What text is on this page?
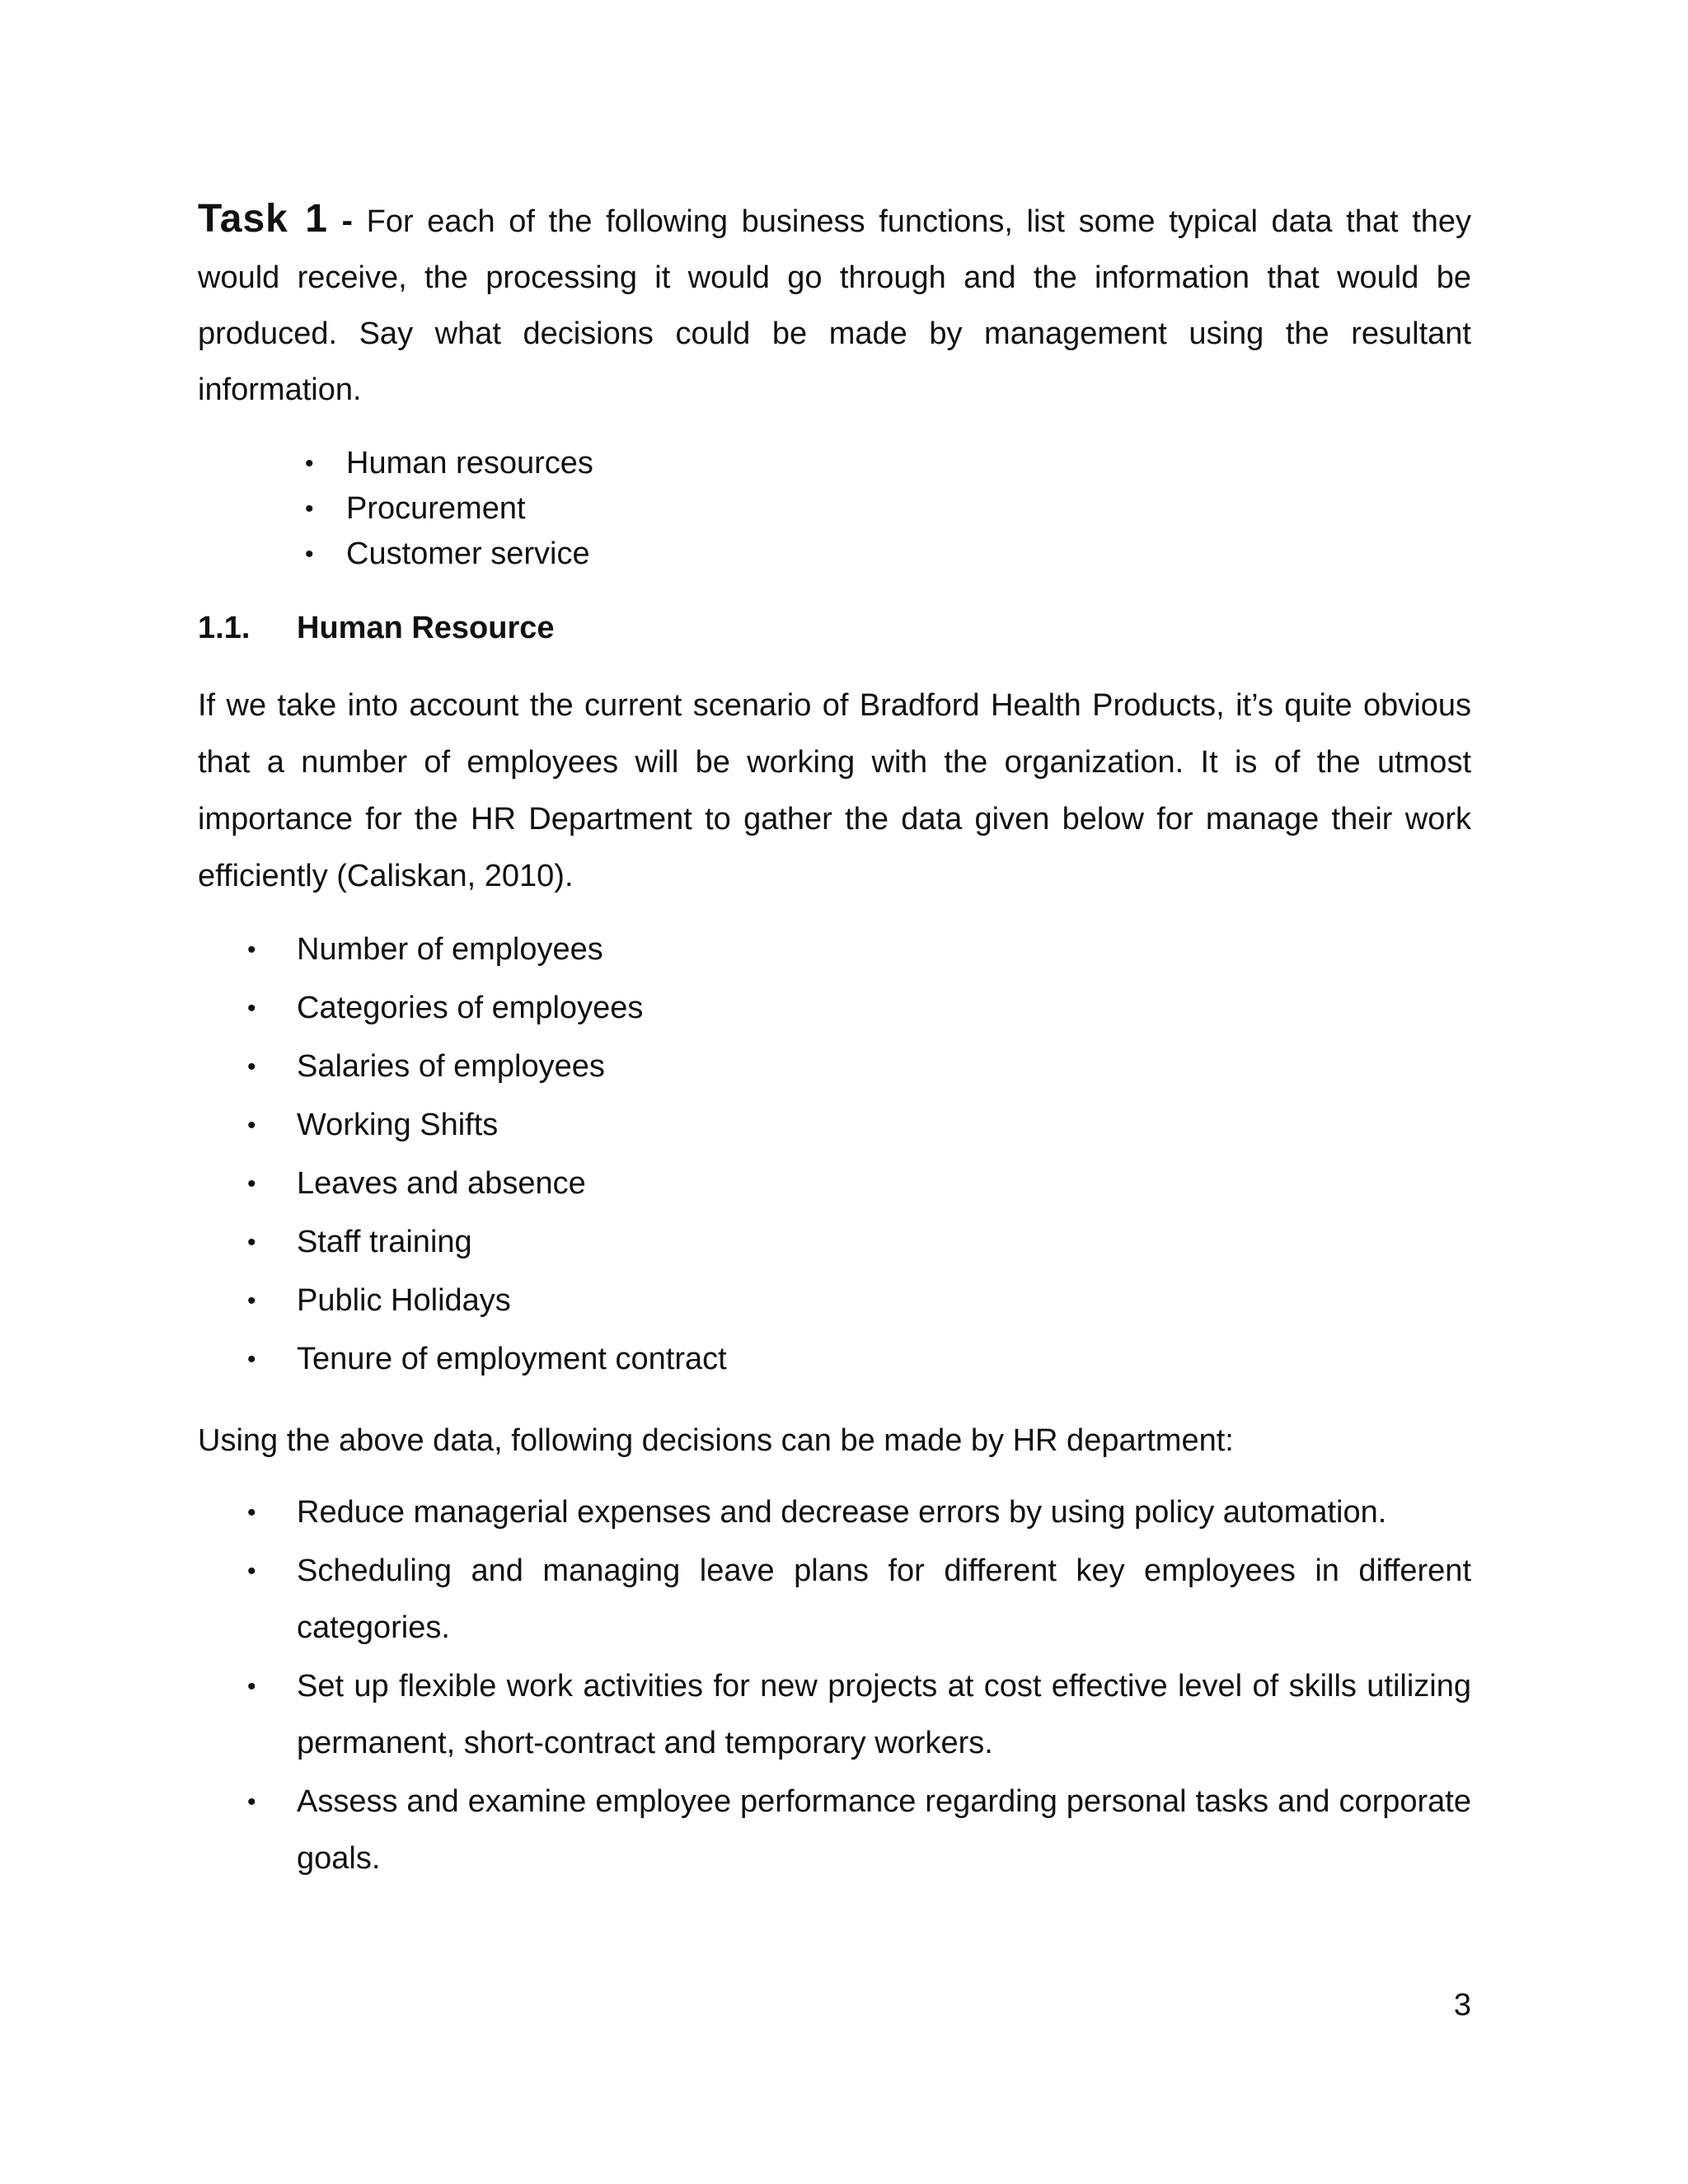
Task 1 - For each of the following business functions, list some typical data that they would receive, the processing it would go through and the information that would be produced. Say what decisions could be made by management using the resultant information.

• Human resources
• Procurement
• Customer service
1.1.	Human Resource

If we take into account the current scenario of Bradford Health Products, it’s quite obvious that a number of employees will be working with the organization. It is of the utmost importance for the HR Department to gather the data given below for manage their work efficiently (Caliskan, 2010).

• Number of employees
• Categories of employees
• Salaries of employees
• Working Shifts
• Leaves and absence
• Staff training
• Public Holidays
• Tenure of employment contract

Using the above data, following decisions can be made by HR department:

• Reduce managerial expenses and decrease errors by using policy automation.
• Scheduling and managing leave plans for different key employees in different categories.
• Set up flexible work activities for new projects at cost effective level of skills utilizing permanent, short-contract and temporary workers.
• Assess and examine employee performance regarding personal tasks and corporate goals.
3
